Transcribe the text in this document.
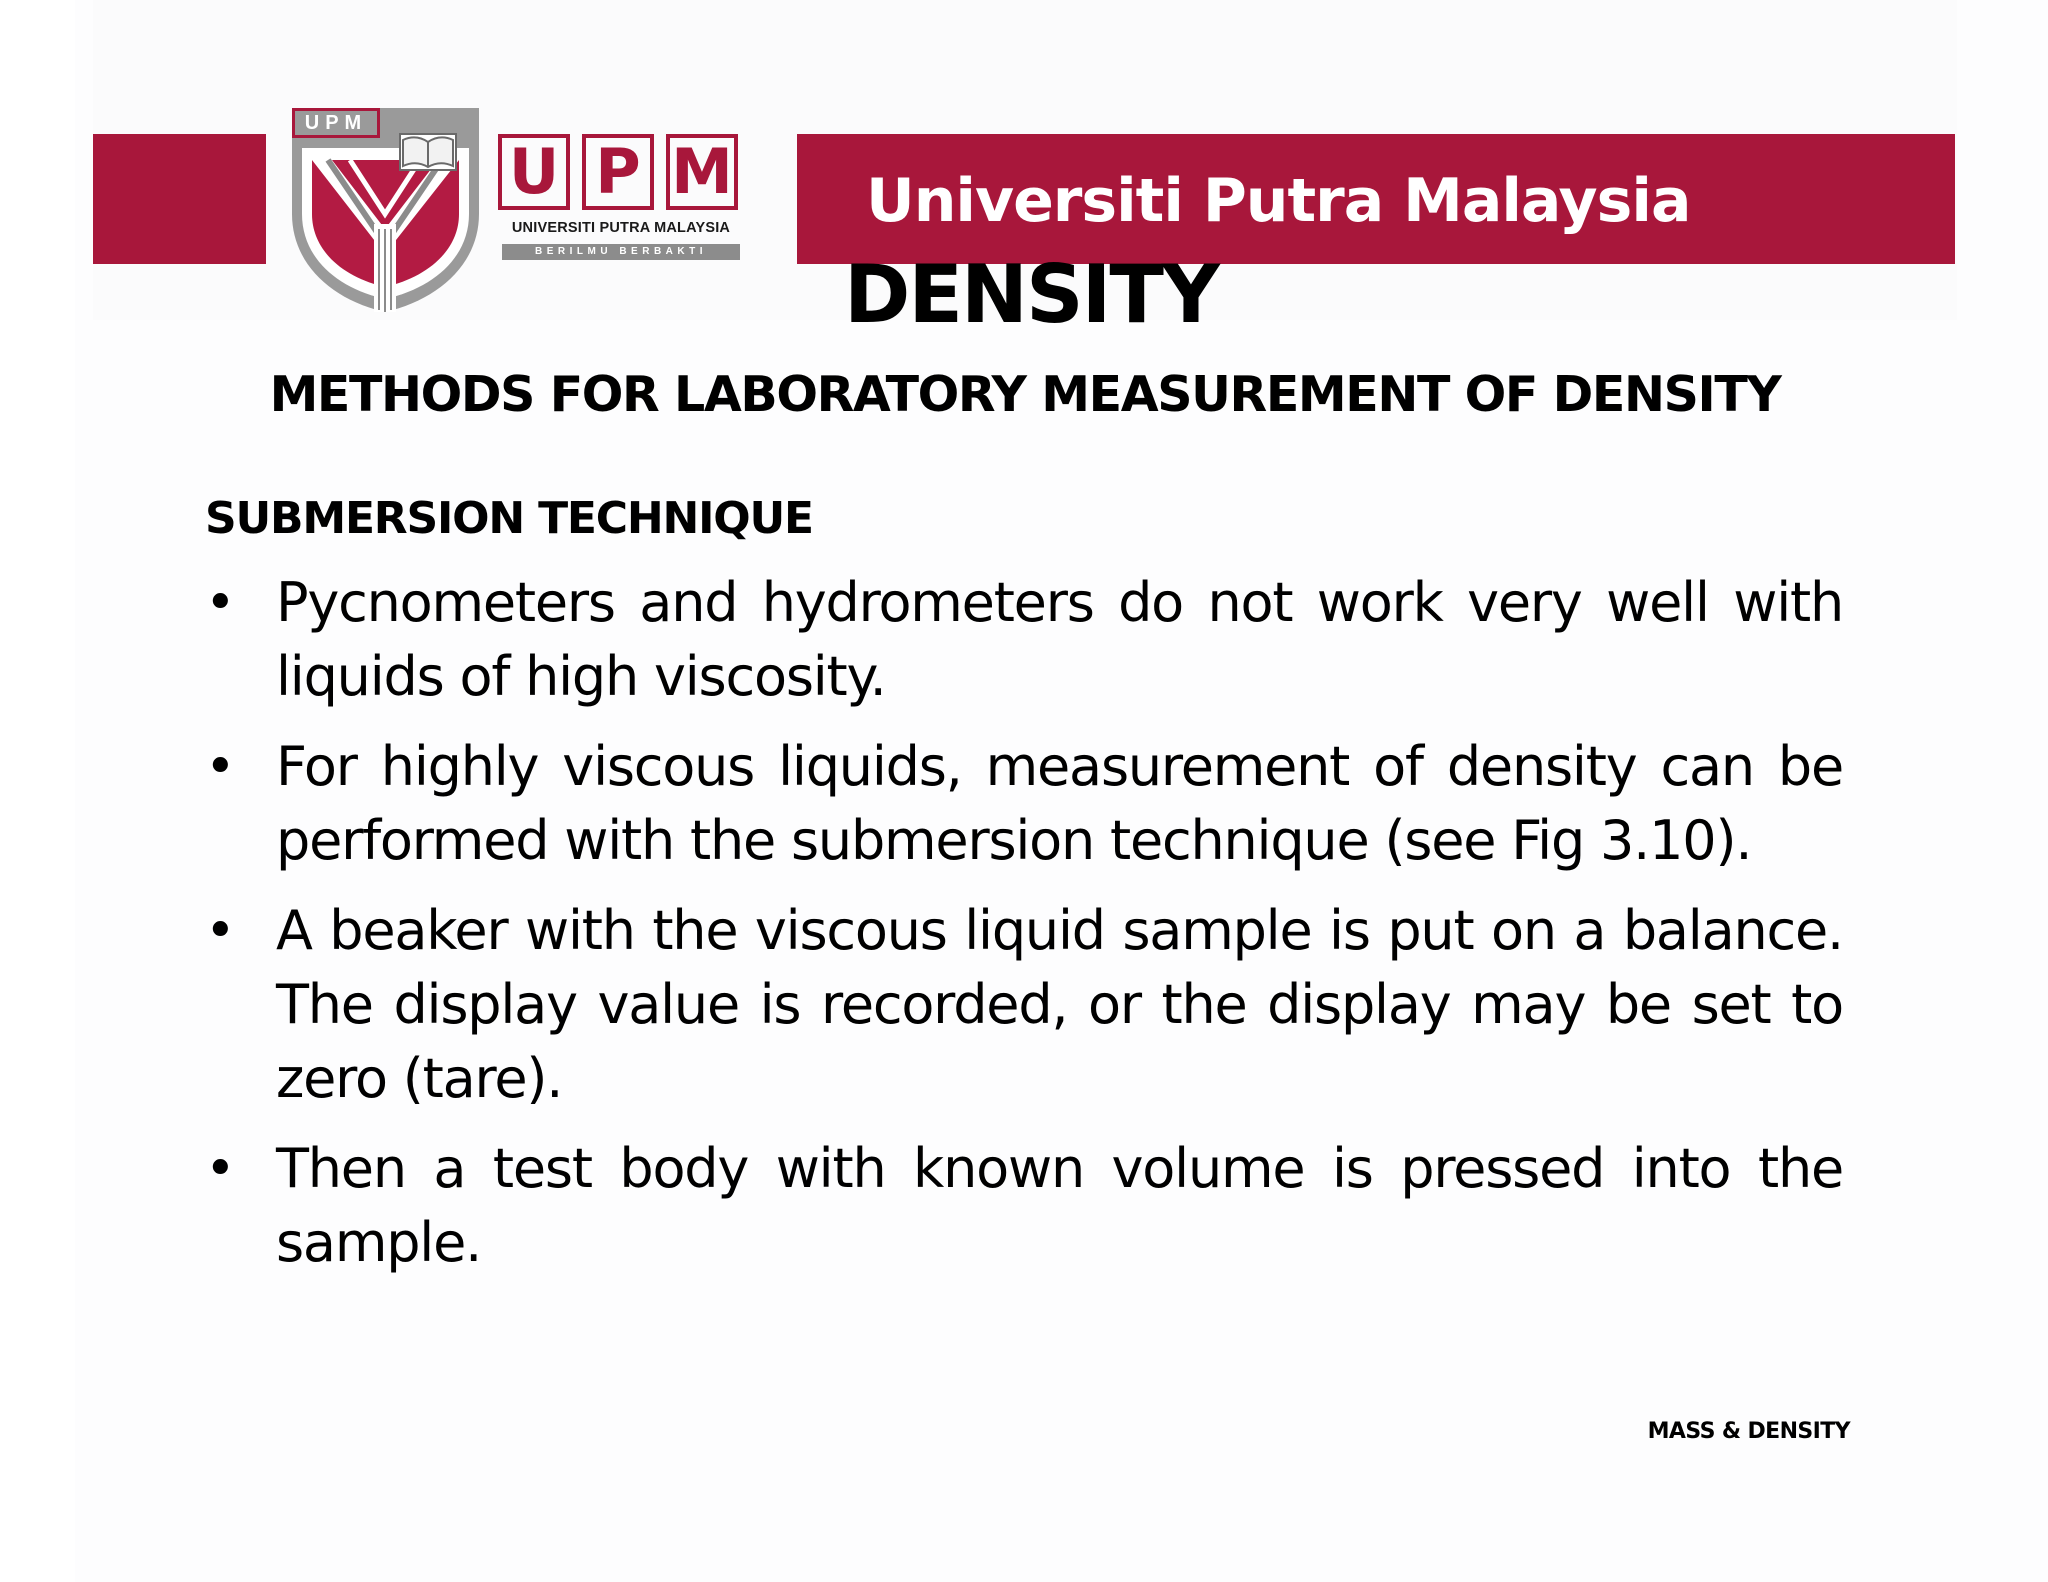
Universiti Putra Malaysia
UPM
U P M
UNIVERSITI PUTRA MALAYSIA
BERILMU BERBAKTI	DENSITY
METHODS FOR LABORATORY MEASUREMENT OF DENSITY
SUBMERSION TECHNIQUE
• Pycnometers and hydrometers do not work very well with liquids of high viscosity.
• For highly viscous liquids, measurement of density can be performed with the submersion technique (see Fig 3.10).
• A beaker with the viscous liquid sample is put on a balance. The display value is recorded, or the display may be set to zero (tare).
• Then a test body with known volume is pressed into the sample.
MASS & DENSITY
